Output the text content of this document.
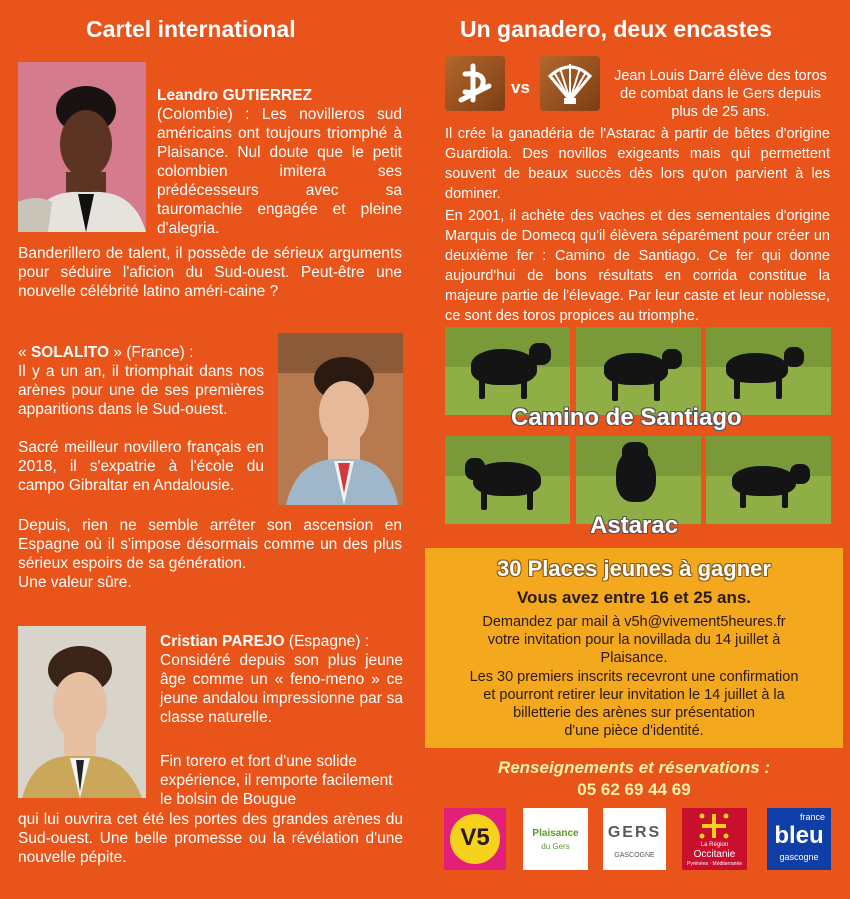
Cartel international
Leandro GUTIERREZ
(Colombie) : Les novilleros sud américains ont toujours triomphé à Plaisance. Nul doute que le petit colombien imitera ses prédécesseurs avec sa tauromachie engagée et pleine d'alegria.
Banderillero de talent, il possède de sérieux arguments pour séduire l'aficion du Sud-ouest. Peut-être une nouvelle célébrité latino améri-caine ?
« SOLALITO » (France) :
Il y a un an, il triomphait dans nos arènes pour une de ses premières apparitions dans le Sud-ouest.
Sacré meilleur novillero français en 2018, il s'expatrie à l'école du campo Gibraltar en Andalousie.
Depuis, rien ne semble arrêter son ascension en Espagne où il s'impose désormais comme un des plus sérieux espoirs de sa génération.
Une valeur sûre.
Cristian PAREJO (Espagne) :
Considéré depuis son plus jeune âge comme un « feno-meno » ce jeune andalou impressionne par sa classe naturelle.
Fin torero et fort d'une solide expérience, il remporte facilement le bolsin de Bougue
qui lui ouvrira cet été les portes des grandes arènes du Sud-ouest. Une belle promesse ou la révélation d'une nouvelle pépite.
Un ganadero, deux encastes
vs
Jean Louis Darré élève des toros de combat dans le Gers depuis plus de 25 ans.
Il crée la ganadéria de l'Astarac à partir de bêtes d'origine Guardiola. Des novillos exigeants mais qui permettent souvent de beaux succès dès lors qu'on parvient à les dominer.
En 2001, il achète des vaches et des sementales d'origine Marquis de Domecq qu'il élèvera séparément pour créer un deuxième fer : Camino de Santiago. Ce fer qui donne aujourd'hui de bons résultats en corrida constitue la majeure partie de l'élevage. Par leur caste et leur noblesse, ce sont des toros propices au triomphe.
Camino de Santiago
Astarac
30 Places jeunes à gagner
Vous avez entre 16 et 25 ans.
Demandez par mail à v5h@vivement5heures.fr
votre invitation pour la novillada du 14 juillet à
Plaisance.
Les 30 premiers inscrits recevront une confirmation
et pourront retirer leur invitation le 14 juillet à la
billetterie des arènes sur présentation
d'une pièce d'identité.
Renseignements et réservations :
05 62 69 44 69
V5	Plaisance
du Gers
GERS
GASCOGNE
La Région
Occitanie
Pyrénées · Méditerranée
france
bleu
gascogne
